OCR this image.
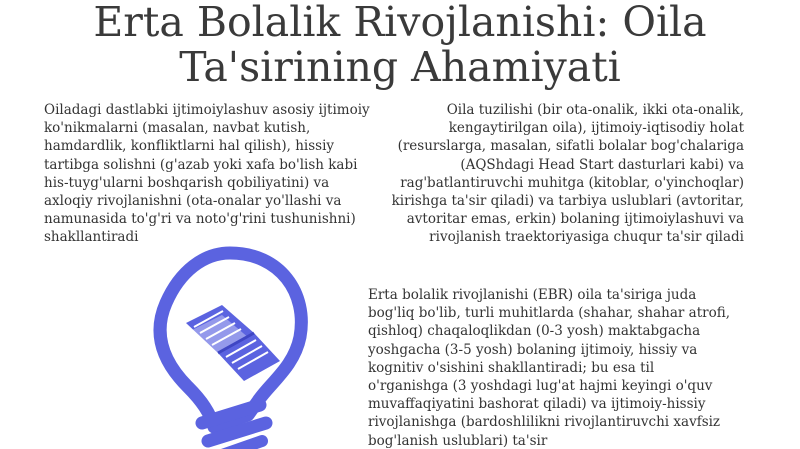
Erta Bolalik Rivojlanishi: Oila Ta'sirining Ahamiyati

Oiladagi dastlabki ijtimoiylashuv asosiy ijtimoiy ko'nikmalarni (masalan, navbat kutish, hamdardlik, konfliktlarni hal qilish), hissiy tartibga solishni (g'azab yoki xafa bo'lish kabi his-tuyg'ularni boshqarish qobiliyatini) va axloqiy rivojlanishni (ota-onalar yo'llashi va namunasida to'g'ri va noto'g'rini tushunishni) shakllantiradi

Oila tuzilishi (bir ota-onalik, ikki ota-onalik, kengaytirilgan oila), ijtimoiy-iqtisodiy holat (resurslarga, masalan, sifatli bolalar bog'chalariga (AQShdagi Head Start dasturlari kabi) va rag'batlantiruvchi muhitga (kitoblar, o'yinchoqlar) kirishga ta'sir qiladi) va tarbiya uslublari (avtoritar, avtoritar emas, erkin) bolaning ijtimoiylashuvi va rivojlanish traektoriyasiga chuqur ta'sir qiladi

Erta bolalik rivojlanishi (EBR) oila ta'siriga juda bog'liq bo'lib, turli muhitlarda (shahar, shahar atrofi, qishloq) chaqaloqlikdan (0-3 yosh) maktabgacha yoshgacha (3-5 yosh) bolaning ijtimoiy, hissiy va kognitiv o'sishini shakllantiradi; bu esa til o'rganishga (3 yoshdagi lug'at hajmi keyingi o'quv muvaffaqiyatini bashorat qiladi) va ijtimoiy-hissiy rivojlanishga (bardoshlilikni rivojlantiruvchi xavfsiz bog'lanish uslublari) ta'sir
